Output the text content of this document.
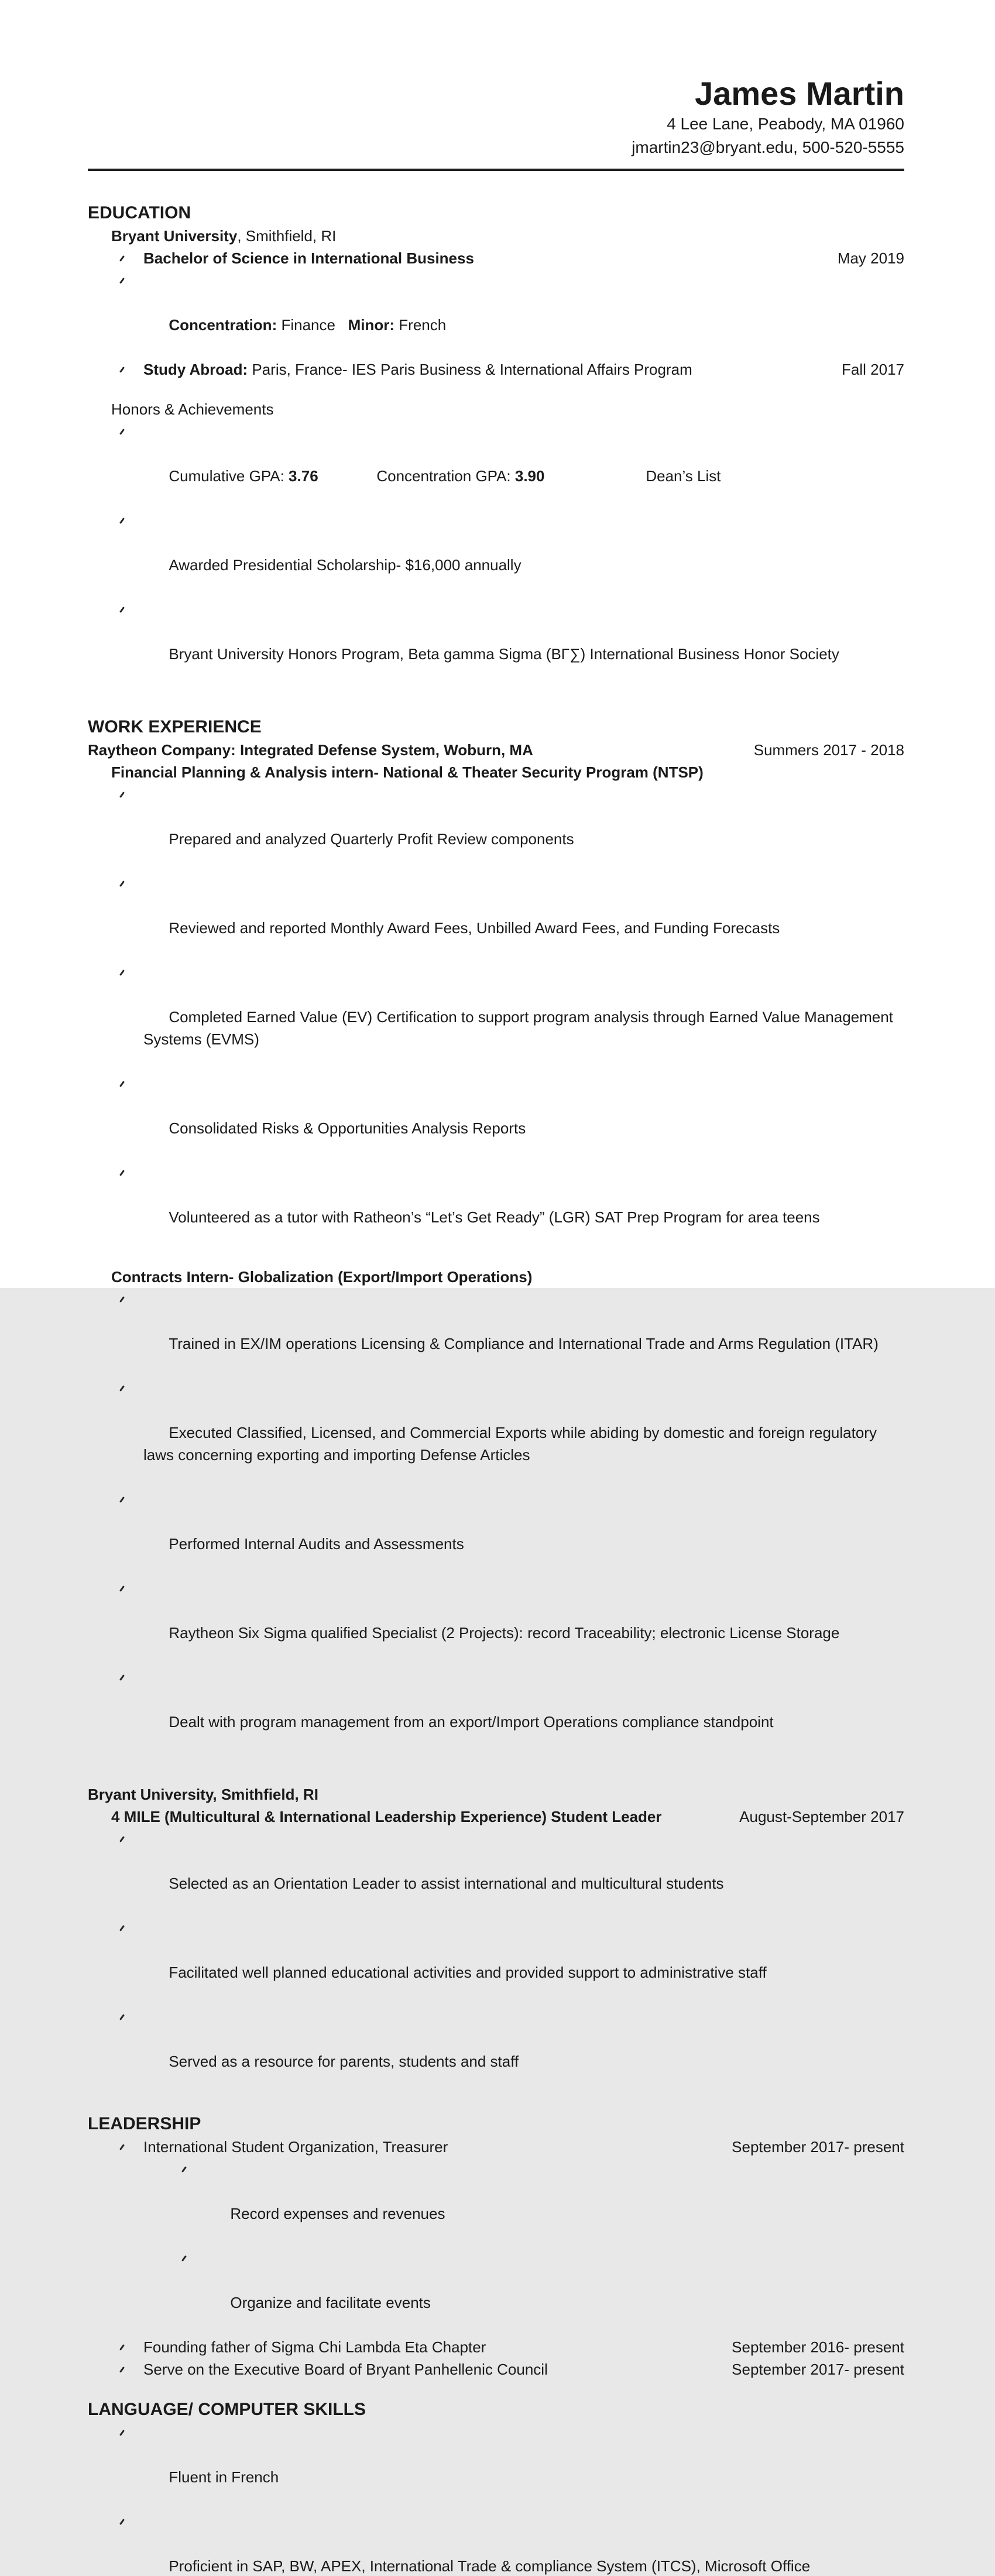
James Martin
4 Lee Lane, Peabody, MA 01960
jmartin23@bryant.edu, 500-520-5555
EDUCATION
Bryant University, Smithfield, RI
Bachelor of Science in International Business	May 2019

Concentration: Finance   Minor: French

Study Abroad: Paris, France- IES Paris Business & International Affairs Program	Fall 2017
Honors & Achievements

Cumulative GPA: 3.76	Concentration GPA: 3.90	Dean’s List

Awarded Presidential Scholarship- $16,000 annually

Bryant University Honors Program, Beta gamma Sigma (ΒΓ∑) International Business Honor Society

WORK EXPERIENCE
Raytheon Company: Integrated Defense System, Woburn, MA	Summers 2017 - 2018
Financial Planning & Analysis intern- National & Theater Security Program (NTSP)

Prepared and analyzed Quarterly Profit Review components

Reviewed and reported Monthly Award Fees, Unbilled Award Fees, and Funding Forecasts

Completed Earned Value (EV) Certification to support program analysis through Earned Value Management Systems (EVMS)

Consolidated Risks & Opportunities Analysis Reports

Volunteered as a tutor with Ratheon’s “Let’s Get Ready” (LGR) SAT Prep Program for area teens

Contracts Intern- Globalization (Export/Import Operations)

Trained in EX/IM operations Licensing & Compliance and International Trade and Arms Regulation (ITAR)

Executed Classified, Licensed, and Commercial Exports while abiding by domestic and foreign regulatory laws concerning exporting and importing Defense Articles

Performed Internal Audits and Assessments

Raytheon Six Sigma qualified Specialist (2 Projects): record Traceability; electronic License Storage

Dealt with program management from an export/Import Operations compliance standpoint

Bryant University, Smithfield, RI
4 MILE (Multicultural & International Leadership Experience) Student Leader	August-September 2017

Selected as an Orientation Leader to assist international and multicultural students

Facilitated well planned educational activities and provided support to administrative staff

Served as a resource for parents, students and staff

LEADERSHIP
International Student Organization, Treasurer	September 2017- present

Record expenses and revenues

Organize and facilitate events

Founding father of Sigma Chi Lambda Eta Chapter	September 2016- present
Serve on the Executive Board of Bryant Panhellenic Council	September 2017- present
LANGUAGE/ COMPUTER SKILLS

Fluent in French

Proficient in SAP, BW, APEX, International Trade & compliance System (ITCS), Microsoft Office
